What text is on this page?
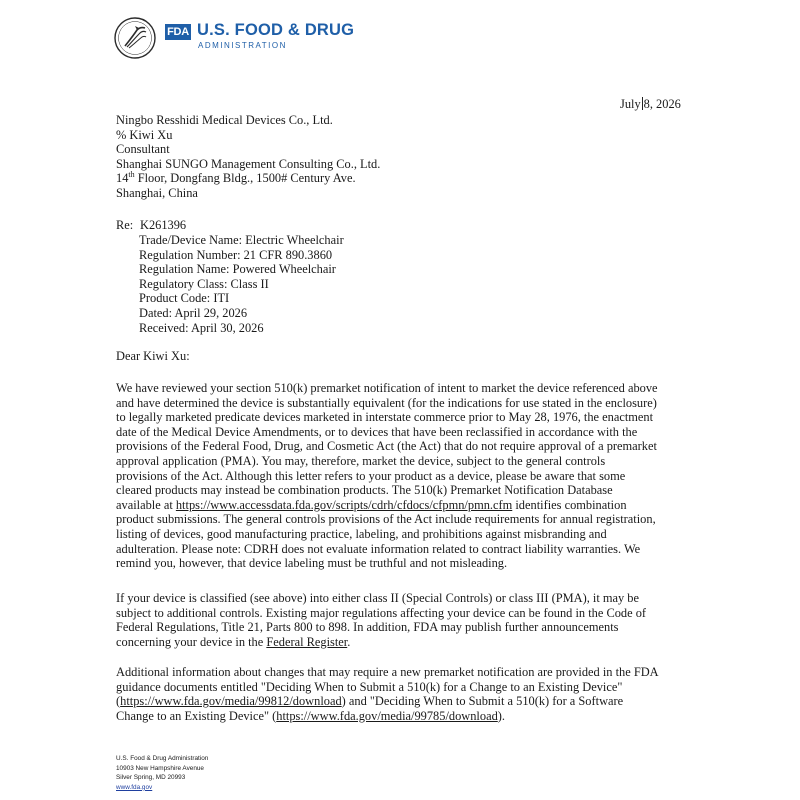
FDA U.S. FOOD & DRUG
ADMINISTRATION
July 8, 2026
Ningbo Resshidi Medical Devices Co., Ltd.
% Kiwi Xu
Consultant
Shanghai SUNGO Management Consulting Co., Ltd.
14th Floor, Dongfang Bldg., 1500# Century Ave.
Shanghai, China
Re: K261396
Trade/Device Name: Electric Wheelchair
Regulation Number: 21 CFR 890.3860
Regulation Name: Powered Wheelchair
Regulatory Class: Class II
Product Code: ITI
Dated: April 29, 2026
Received: April 30, 2026
Dear Kiwi Xu:
We have reviewed your section 510(k) premarket notification of intent to market the device referenced above
and have determined the device is substantially equivalent (for the indications for use stated in the enclosure)
to legally marketed predicate devices marketed in interstate commerce prior to May 28, 1976, the enactment
date of the Medical Device Amendments, or to devices that have been reclassified in accordance with the
provisions of the Federal Food, Drug, and Cosmetic Act (the Act) that do not require approval of a premarket
approval application (PMA). You may, therefore, market the device, subject to the general controls
provisions of the Act. Although this letter refers to your product as a device, please be aware that some
cleared products may instead be combination products. The 510(k) Premarket Notification Database
available at https://www.accessdata.fda.gov/scripts/cdrh/cfdocs/cfpmn/pmn.cfm identifies combination
product submissions. The general controls provisions of the Act include requirements for annual registration,
listing of devices, good manufacturing practice, labeling, and prohibitions against misbranding and
adulteration. Please note: CDRH does not evaluate information related to contract liability warranties. We
remind you, however, that device labeling must be truthful and not misleading.
If your device is classified (see above) into either class II (Special Controls) or class III (PMA), it may be
subject to additional controls. Existing major regulations affecting your device can be found in the Code of
Federal Regulations, Title 21, Parts 800 to 898. In addition, FDA may publish further announcements
concerning your device in the Federal Register.
Additional information about changes that may require a new premarket notification are provided in the FDA
guidance documents entitled "Deciding When to Submit a 510(k) for a Change to an Existing Device"
(https://www.fda.gov/media/99812/download) and "Deciding When to Submit a 510(k) for a Software
Change to an Existing Device" (https://www.fda.gov/media/99785/download).
U.S. Food & Drug Administration
10903 New Hampshire Avenue
Silver Spring, MD 20993
www.fda.gov
